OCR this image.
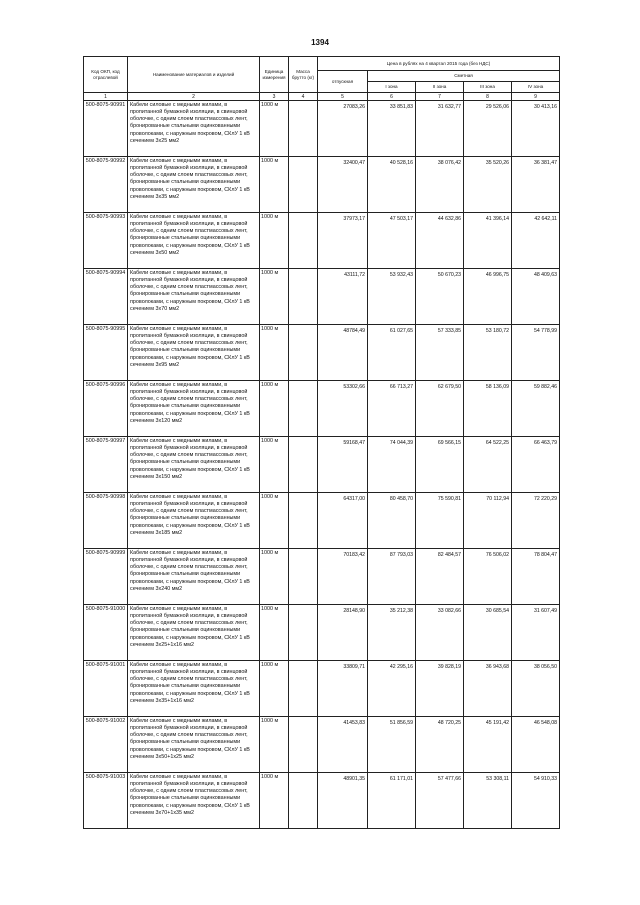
1394
Код ОКП, код отраслевой	Наименование материалов и изделий	Единица измерения	Масса брутто (кг)	Цена в рублях на 4 квартал 2015 года (без НДС)				
				отпускная	Сметная			
					I зона	II зона	III зона	IV зона
1	2	3	4	5	6	7	8	9
500-8075-90991	Кабели силовые с медными жилами, в пропитанной бумажной изоляции, в свинцовой оболочке, с одним слоем пластмассовых лент, бронированные стальными оцинкованными проволоками, с наружным покровом, СКлУ 1 кВ сечением 3х25 мм2	1000 м		27083,26	33 851,83	31 632,77	29 526,06	30 413,16
500-8075-90992	Кабели силовые с медными жилами, в пропитанной бумажной изоляции, в свинцовой оболочке, с одним слоем пластмассовых лент, бронированные стальными оцинкованными проволоками, с наружным покровом, СКлУ 1 кВ сечением 3х35 мм2	1000 м		32400,47	40 528,16	38 076,42	35 520,26	36 381,47
500-8075-90993	Кабели силовые с медными жилами, в пропитанной бумажной изоляции, в свинцовой оболочке, с одним слоем пластмассовых лент, бронированные стальными оцинкованными проволоками, с наружным покровом, СКлУ 1 кВ сечением 3х50 мм2	1000 м		37973,17	47 503,17	44 632,86	41 396,14	42 642,11
500-8075-90994	Кабели силовые с медными жилами, в пропитанной бумажной изоляции, в свинцовой оболочке, с одним слоем пластмассовых лент, бронированные стальными оцинкованными проволоками, с наружным покровом, СКлУ 1 кВ сечением 3х70 мм2	1000 м		43111,72	53 932,43	50 670,23	46 996,75	48 409,63
500-8075-90995	Кабели силовые с медными жилами, в пропитанной бумажной изоляции, в свинцовой оболочке, с одним слоем пластмассовых лент, бронированные стальными оцинкованными проволоками, с наружным покровом, СКлУ 1 кВ сечением 3х95 мм2	1000 м		48784,49	61 027,65	57 333,85	53 180,72	54 778,99
500-8075-90996	Кабели силовые с медными жилами, в пропитанной бумажной изоляции, в свинцовой оболочке, с одним слоем пластмассовых лент, бронированные стальными оцинкованными проволоками, с наружным покровом, СКлУ 1 кВ сечением 3х120 мм2	1000 м		53302,66	66 713,27	62 679,50	58 136,09	59 882,46
500-8075-90997	Кабели силовые с медными жилами, в пропитанной бумажной изоляции, в свинцовой оболочке, с одним слоем пластмассовых лент, бронированные стальными оцинкованными проволоками, с наружным покровом, СКлУ 1 кВ сечением 3х150 мм2	1000 м		59168,47	74 044,39	69 566,15	64 522,25	66 463,79
500-8075-90998	Кабели силовые с медными жилами, в пропитанной бумажной изоляции, в свинцовой оболочке, с одним слоем пластмассовых лент, бронированные стальными оцинкованными проволоками, с наружным покровом, СКлУ 1 кВ сечением 3х185 мм2	1000 м		64317,00	80 458,70	75 590,81	70 112,94	72 220,29
500-8075-90999	Кабели силовые с медными жилами, в пропитанной бумажной изоляции, в свинцовой оболочке, с одним слоем пластмассовых лент, бронированные стальными оцинкованными проволоками, с наружным покровом, СКлУ 1 кВ сечением 3х240 мм2	1000 м		70183,42	87 793,03	82 484,57	76 506,02	78 804,47
500-8075-91000	Кабели силовые с медными жилами, в пропитанной бумажной изоляции, в свинцовой оболочке, с одним слоем пластмассовых лент, бронированные стальными оцинкованными проволоками, с наружным покровом, СКлУ 1 кВ сечением 3х25+1х16 мм2	1000 м		28148,90	35 212,38	33 082,66	30 685,54	31 607,49
500-8075-91001	Кабели силовые с медными жилами, в пропитанной бумажной изоляции, в свинцовой оболочке, с одним слоем пластмассовых лент, бронированные стальными оцинкованными проволоками, с наружным покровом, СКлУ 1 кВ сечением 3х35+1х16 мм2	1000 м		33809,71	42 295,16	39 828,19	36 943,68	38 056,50
500-8075-91002	Кабели силовые с медными жилами, в пропитанной бумажной изоляции, в свинцовой оболочке, с одним слоем пластмассовых лент, бронированные стальными оцинкованными проволоками, с наружным покровом, СКлУ 1 кВ сечением 3х50+1х25 мм2	1000 м		41453,83	51 856,59	48 720,25	45 191,42	46 548,08
500-8075-91003	Кабели силовые с медными жилами, в пропитанной бумажной изоляции, в свинцовой оболочке, с одним слоем пластмассовых лент, бронированные стальными оцинкованными проволоками, с наружным покровом, СКлУ 1 кВ сечением 3х70+1х35 мм2	1000 м		48901,35	61 171,01	57 477,66	53 308,11	54 910,33
